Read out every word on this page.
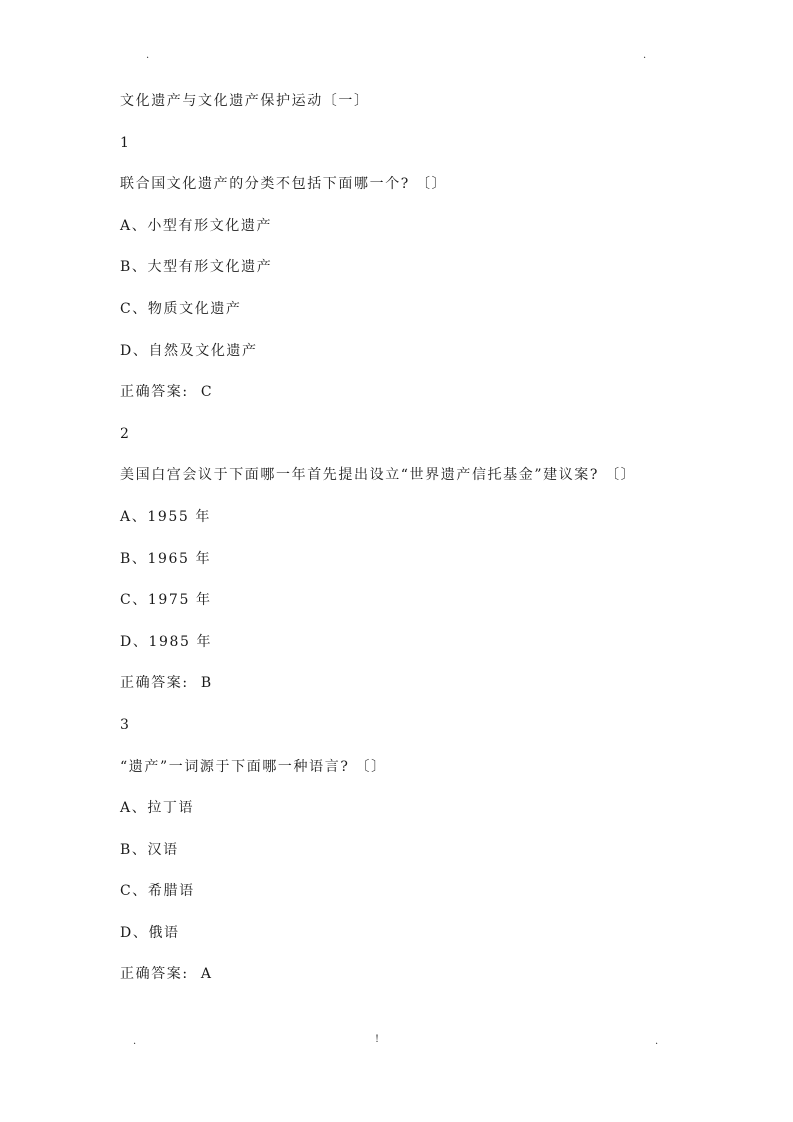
.	.
文化遗产与文化遗产保护运动〔一〕
1
联合国文化遗产的分类不包括下面哪一个? 〔〕
A、小型有形文化遗产
B、大型有形文化遗产
C、物质文化遗产
D、自然及文化遗产
正确答案: C
2
美国白宫会议于下面哪一年首先提出设立“世界遗产信托基金”建议案? 〔〕
A、1955 年
B、1965 年
C、1975 年
D、1985 年
正确答案: B
3
“遗产”一词源于下面哪一种语言? 〔〕
A、拉丁语
B、汉语
C、希腊语
D、俄语
正确答案: A
.	!	.
